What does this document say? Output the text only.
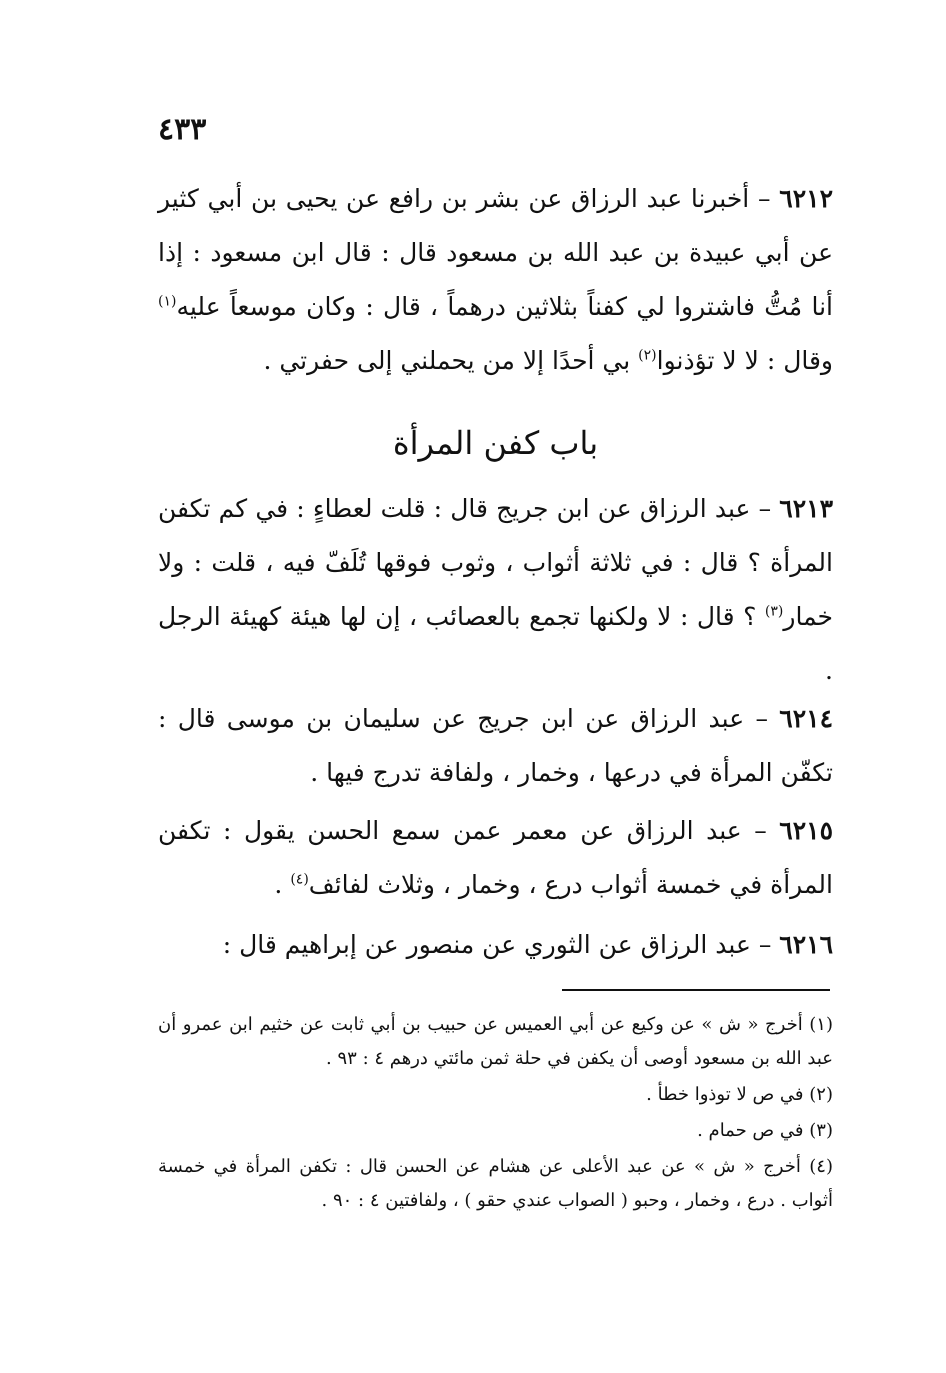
٤٣٣

٦٢١٢ – أخبرنا عبد الرزاق عن بشر بن رافع عن يحيى بن أبي كثير عن أبي عبيدة بن عبد الله بن مسعود قال : قال ابن مسعود : إذا أنا مُتُّ فاشتروا لي كفناً بثلاثين درهماً ، قال : وكان موسعاً عليه$^{(١)}$ وقال : لا لا تؤذنوا$^{(٢)}$ بي أحدًا إلا من يحملني إلى حفرتي .

باب كفن المرأة

٦٢١٣ – عبد الرزاق عن ابن جريج قال : قلت لعطاءٍ : في كم تكفن المرأة ؟ قال : في ثلاثة أثواب ، وثوب فوقها تُلَفّ فيه ، قلت : ولا خمار$^{(٣)}$ ؟ قال : لا ولكنها تجمع بالعصائب ، إن لها هيئة كهيئة الرجل .

٦٢١٤ – عبد الرزاق عن ابن جريج عن سليمان بن موسى قال : تكفّن المرأة في درعها ، وخمار ، ولفافة تدرج فيها .

٦٢١٥ – عبد الرزاق عن معمر عمن سمع الحسن يقول : تكفن المرأة في خمسة أثواب درع ، وخمار ، وثلاث لفائف$^{(٤)}$ .

٦٢١٦ – عبد الرزاق عن الثوري عن منصور عن إبراهيم قال :

(١) أخرج « ش » عن وكيع عن أبي العميس عن حبيب بن أبي ثابت عن خثيم ابن عمرو أن عبد الله بن مسعود أوصى أن يكفن في حلة ثمن مائتي درهم ٤ : ٩٣ .

(٢) في ص لا توذوا خطأ .

(٣) في ص حمام .

(٤) أخرج « ش » عن عبد الأعلى عن هشام عن الحسن قال : تكفن المرأة في خمسة أثواب . درع ، وخمار ، وحبو ( الصواب عندي حقو ) ، ولفافتين ٤ : ٩٠ .
